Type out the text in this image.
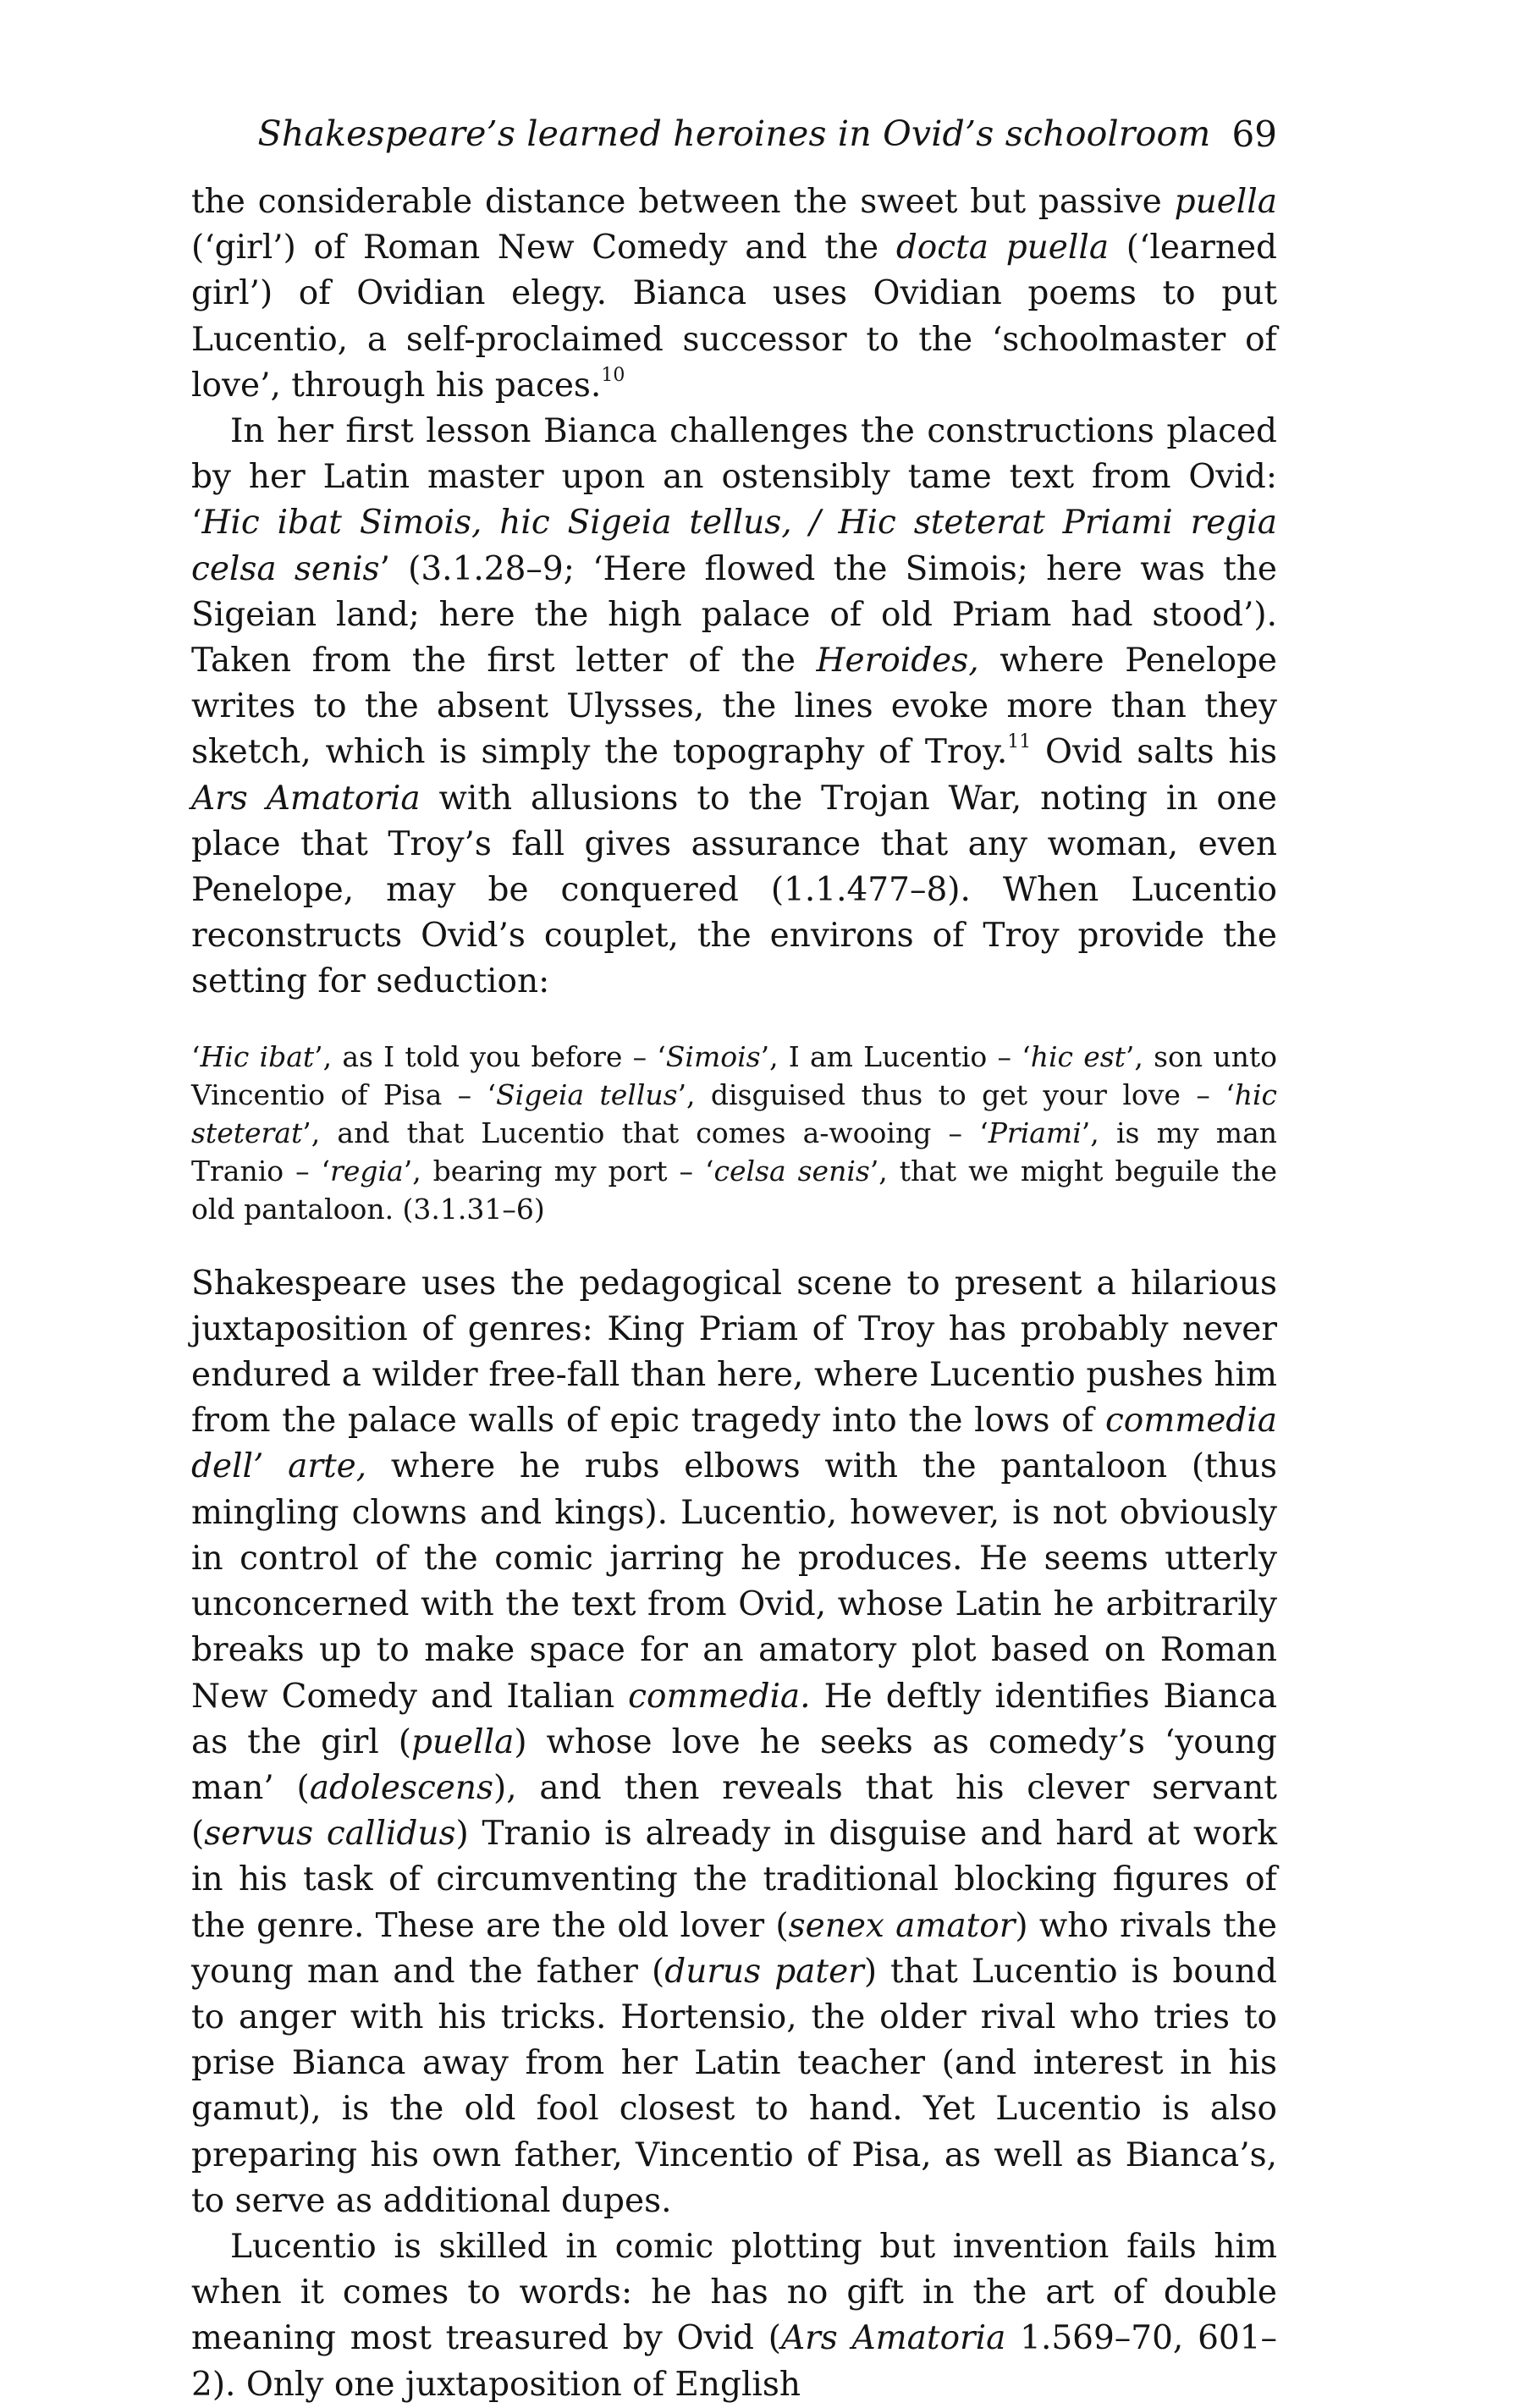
Shakespeare’s learned heroines in Ovid’s schoolroom 69

the considerable distance between the sweet but passive puella (‘girl’) of Roman New Comedy and the docta puella (‘learned girl’) of Ovidian elegy. Bianca uses Ovidian poems to put Lucentio, a self-proclaimed successor to the ‘schoolmaster of love’, through his paces.$^{10}$

In her first lesson Bianca challenges the constructions placed by her Latin master upon an ostensibly tame text from Ovid: ‘Hic ibat Simois, hic Sigeia tellus, / Hic steterat Priami regia celsa senis’ (3.1.28–9; ‘Here flowed the Simois; here was the Sigeian land; here the high palace of old Priam had stood’). Taken from the first letter of the Heroides, where Penelope writes to the absent Ulysses, the lines evoke more than they sketch, which is simply the topography of Troy.$^{11}$ Ovid salts his Ars Amatoria with allusions to the Trojan War, noting in one place that Troy’s fall gives assurance that any woman, even Penelope, may be conquered (1.1.477–8). When Lucentio reconstructs Ovid’s couplet, the environs of Troy provide the setting for seduction:

‘Hic ibat’, as I told you before – ‘Simois’, I am Lucentio – ‘hic est’, son unto Vincentio of Pisa – ‘Sigeia tellus’, disguised thus to get your love – ‘hic steterat’, and that Lucentio that comes a-wooing – ‘Priami’, is my man Tranio – ‘regia’, bearing my port – ‘celsa senis’, that we might beguile the old pantaloon. (3.1.31–6)

Shakespeare uses the pedagogical scene to present a hilarious juxtaposition of genres: King Priam of Troy has probably never endured a wilder free-fall than here, where Lucentio pushes him from the palace walls of epic tragedy into the lows of commedia dell’ arte, where he rubs elbows with the pantaloon (thus mingling clowns and kings). Lucentio, however, is not obviously in control of the comic jarring he produces. He seems utterly unconcerned with the text from Ovid, whose Latin he arbitrarily breaks up to make space for an amatory plot based on Roman New Comedy and Italian commedia. He deftly identifies Bianca as the girl (puella) whose love he seeks as comedy’s ‘young man’ (adolescens), and then reveals that his clever servant (servus callidus) Tranio is already in disguise and hard at work in his task of circumventing the traditional blocking figures of the genre. These are the old lover (senex amator) who rivals the young man and the father (durus pater) that Lucentio is bound to anger with his tricks. Hortensio, the older rival who tries to prise Bianca away from her Latin teacher (and interest in his gamut), is the old fool closest to hand. Yet Lucentio is also preparing his own father, Vincentio of Pisa, as well as Bianca’s, to serve as additional dupes.

Lucentio is skilled in comic plotting but invention fails him when it comes to words: he has no gift in the art of double meaning most treasured by Ovid (Ars Amatoria 1.569–70, 601–2). Only one juxtaposition of English
